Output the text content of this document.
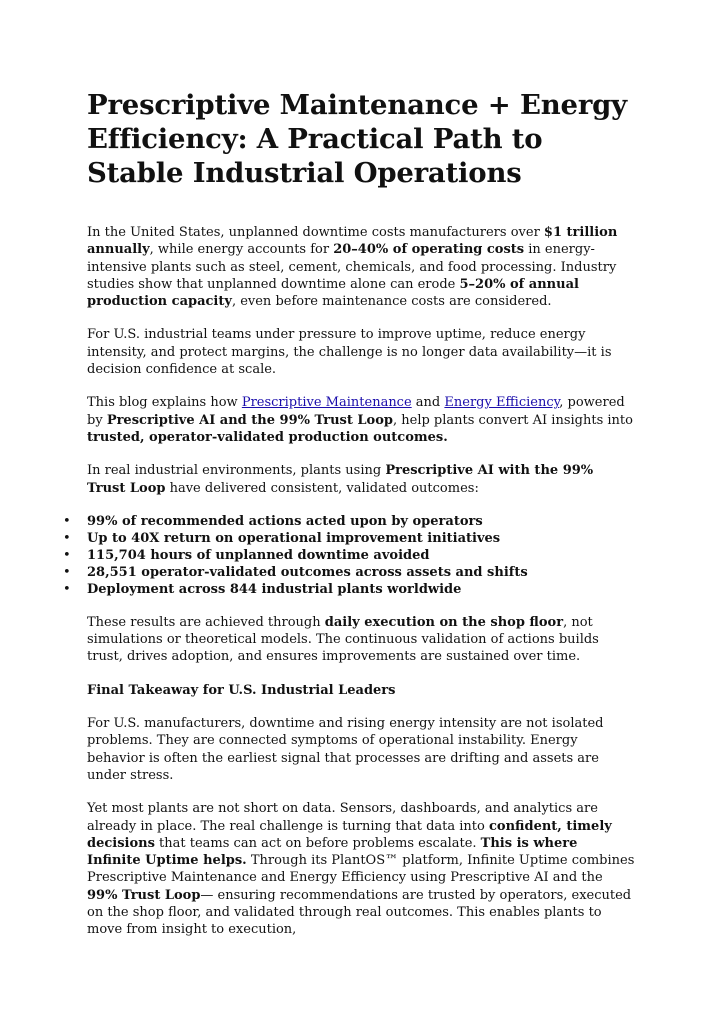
Prescriptive Maintenance + Energy Efficiency: A Practical Path to Stable Industrial Operations

In the United States, unplanned downtime costs manufacturers over $1 trillion annually, while energy accounts for 20–40% of operating costs in energy-intensive plants such as steel, cement, chemicals, and food processing. Industry studies show that unplanned downtime alone can erode 5–20% of annual production capacity, even before maintenance costs are considered.

For U.S. industrial teams under pressure to improve uptime, reduce energy intensity, and protect margins, the challenge is no longer data availability—it is decision confidence at scale.

This blog explains how Prescriptive Maintenance and Energy Efficiency, powered by Prescriptive AI and the 99% Trust Loop, help plants convert AI insights into trusted, operator-validated production outcomes.

In real industrial environments, plants using Prescriptive AI with the 99% Trust Loop have delivered consistent, validated outcomes:

• 99% of recommended actions acted upon by operators
• Up to 40X return on operational improvement initiatives
• 115,704 hours of unplanned downtime avoided
• 28,551 operator-validated outcomes across assets and shifts
• Deployment across 844 industrial plants worldwide

These results are achieved through daily execution on the shop floor, not simulations or theoretical models. The continuous validation of actions builds trust, drives adoption, and ensures improvements are sustained over time.

Final Takeaway for U.S. Industrial Leaders

For U.S. manufacturers, downtime and rising energy intensity are not isolated problems. They are connected symptoms of operational instability. Energy behavior is often the earliest signal that processes are drifting and assets are under stress.

Yet most plants are not short on data. Sensors, dashboards, and analytics are already in place. The real challenge is turning that data into confident, timely decisions that teams can act on before problems escalate. This is where Infinite Uptime helps. Through its PlantOS™ platform, Infinite Uptime combines Prescriptive Maintenance and Energy Efficiency using Prescriptive AI and the 99% Trust Loop— ensuring recommendations are trusted by operators, executed on the shop floor, and validated through real outcomes. This enables plants to move from insight to execution,
